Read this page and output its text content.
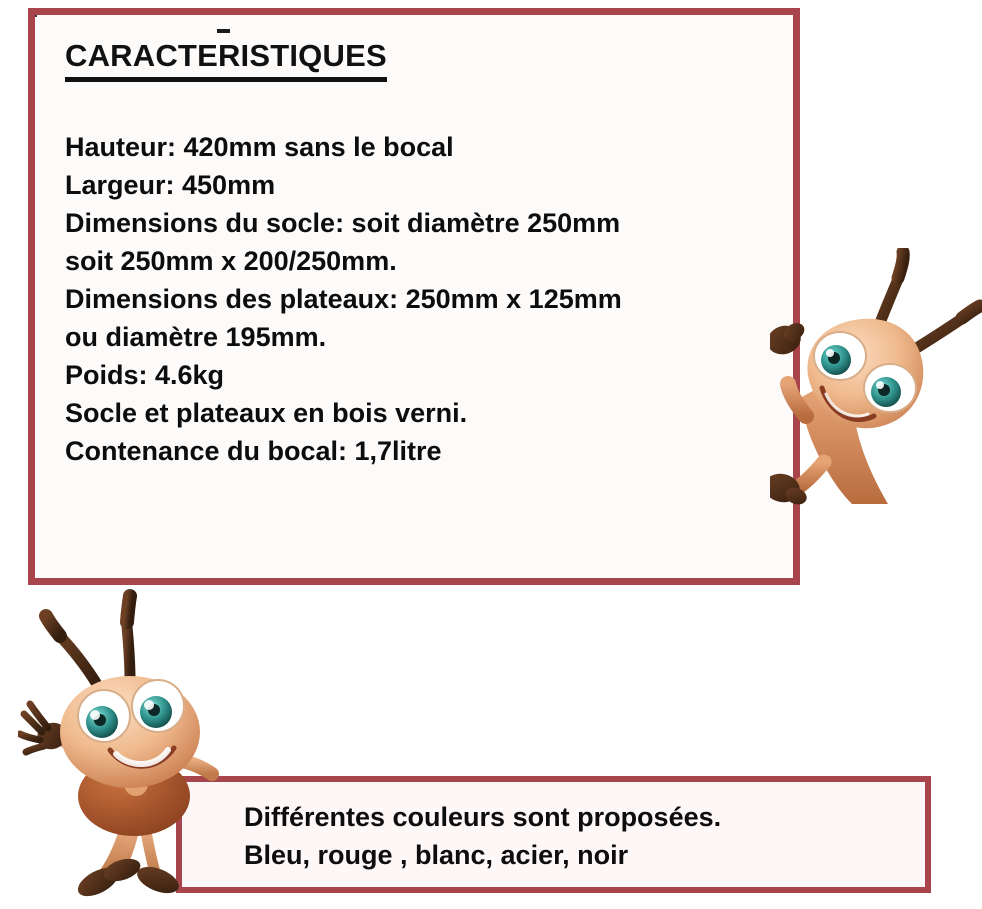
CARACTERISTIQUES
Hauteur: 420mm sans le bocal
Largeur: 450mm
Dimensions du socle: soit diamètre 250mm
soit 250mm x 200/250mm.
Dimensions des plateaux: 250mm x 125mm
ou diamètre 195mm.
Poids: 4.6kg
Socle et plateaux en bois verni.
Contenance du bocal: 1,7litre
Différentes couleurs sont proposées.
Bleu, rouge , blanc, acier, noir
